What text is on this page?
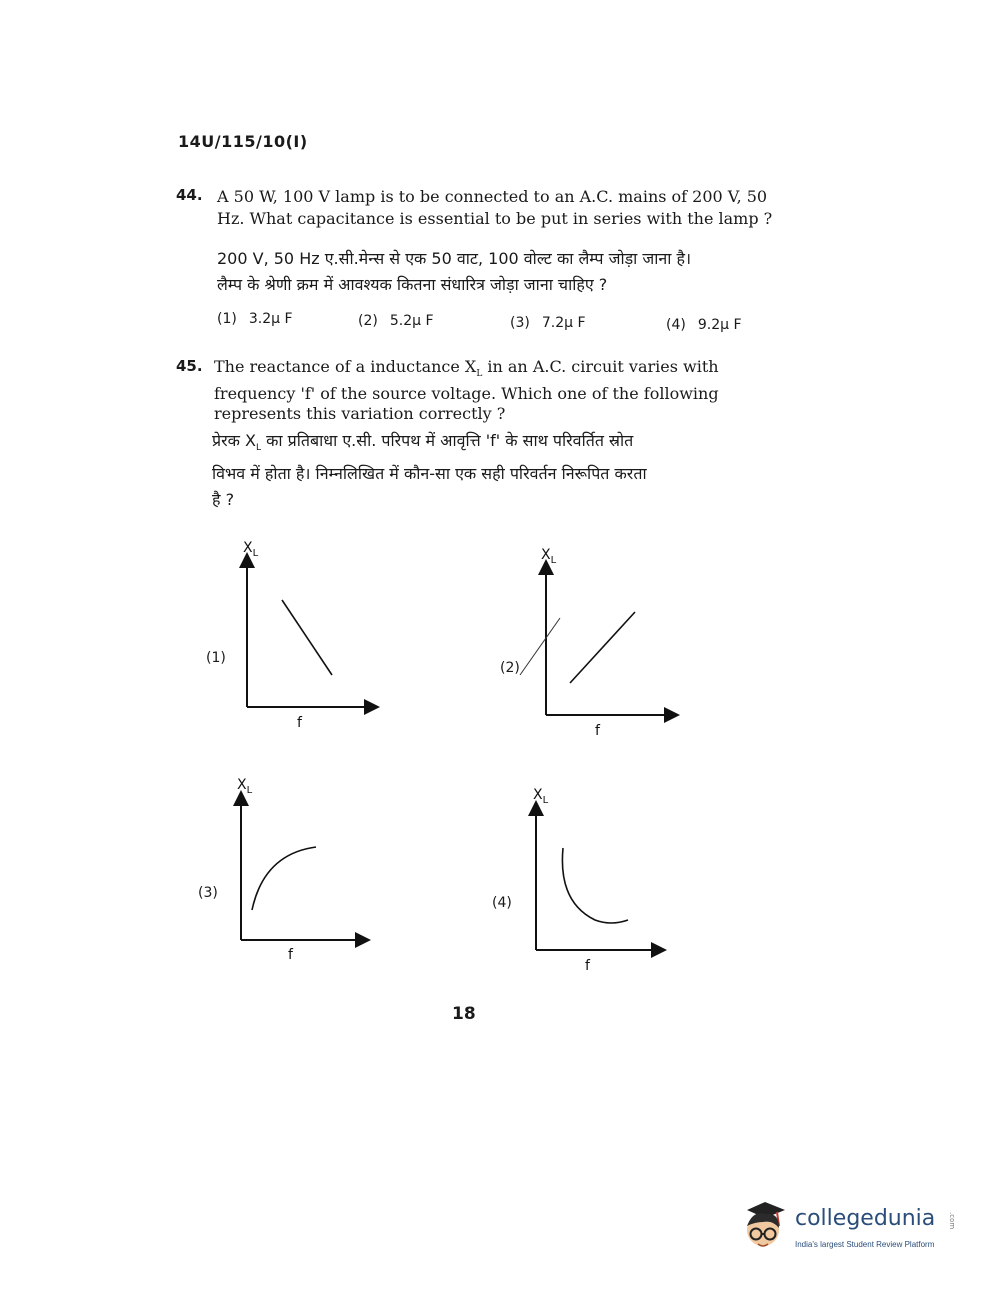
14U/115/10(I)
44. A 50 W, 100 V lamp is to be connected to an A.C. mains of 200 V, 50
Hz. What capacitance is essential to be put in series with the lamp ?
200 V, 50 Hz ए.सी.मेन्स से एक 50 वाट, 100 वोल्ट का लैम्प जोड़ा जाना है।
लैम्प के श्रेणी क्रम में आवश्यक कितना संधारित्र जोड़ा जाना चाहिए ?
(1) 3.2μ F	(2) 5.2μ F	(3) 7.2μ F	(4) 9.2μ F
45. The reactance of a inductance $X_L$ in an A.C. circuit varies with
frequency 'f' of the source voltage. Which one of the following
represents this variation correctly ?
प्रेरक $X_L$ का प्रतिबाधा ए.सी. परिपथ में आवृत्ति 'f' के साथ परिवर्तित स्रोत
विभव में होता है। निम्नलिखित में कौन-सा एक सही परिवर्तन निरूपित करता
है ?
(1)
$X_L$
f
(2)
$X_L$
f
(3)
$X_L$
f
(4)
$X_L$
f
18
collegedunia .com
India's largest Student Review Platform
